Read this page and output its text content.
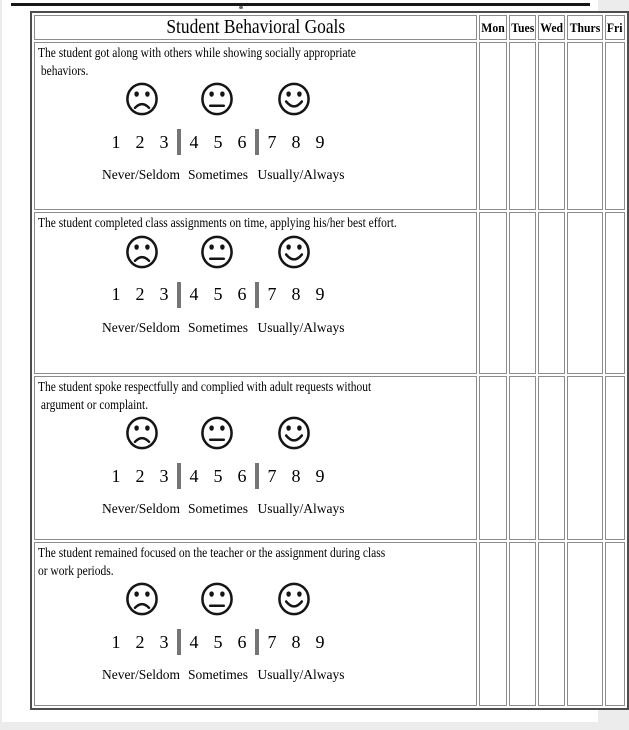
Student Behavioral Goals	Mon	Tues	Wed	Thurs	Fri

The student got along with others while showing socially appropriate
behaviors.
1 2 3	4 5 6	7 8 9
Never/Seldom Sometimes Usually/Always

The student completed class assignments on time, applying his/her best effort.
1 2 3	4 5 6	7 8 9
Never/Seldom Sometimes Usually/Always

The student spoke respectfully and complied with adult requests without
argument or complaint.
1 2 3	4 5 6	7 8 9
Never/Seldom Sometimes Usually/Always

The student remained focused on the teacher or the assignment during class
or work periods.
1 2 3	4 5 6	7 8 9
Never/Seldom Sometimes Usually/Always
